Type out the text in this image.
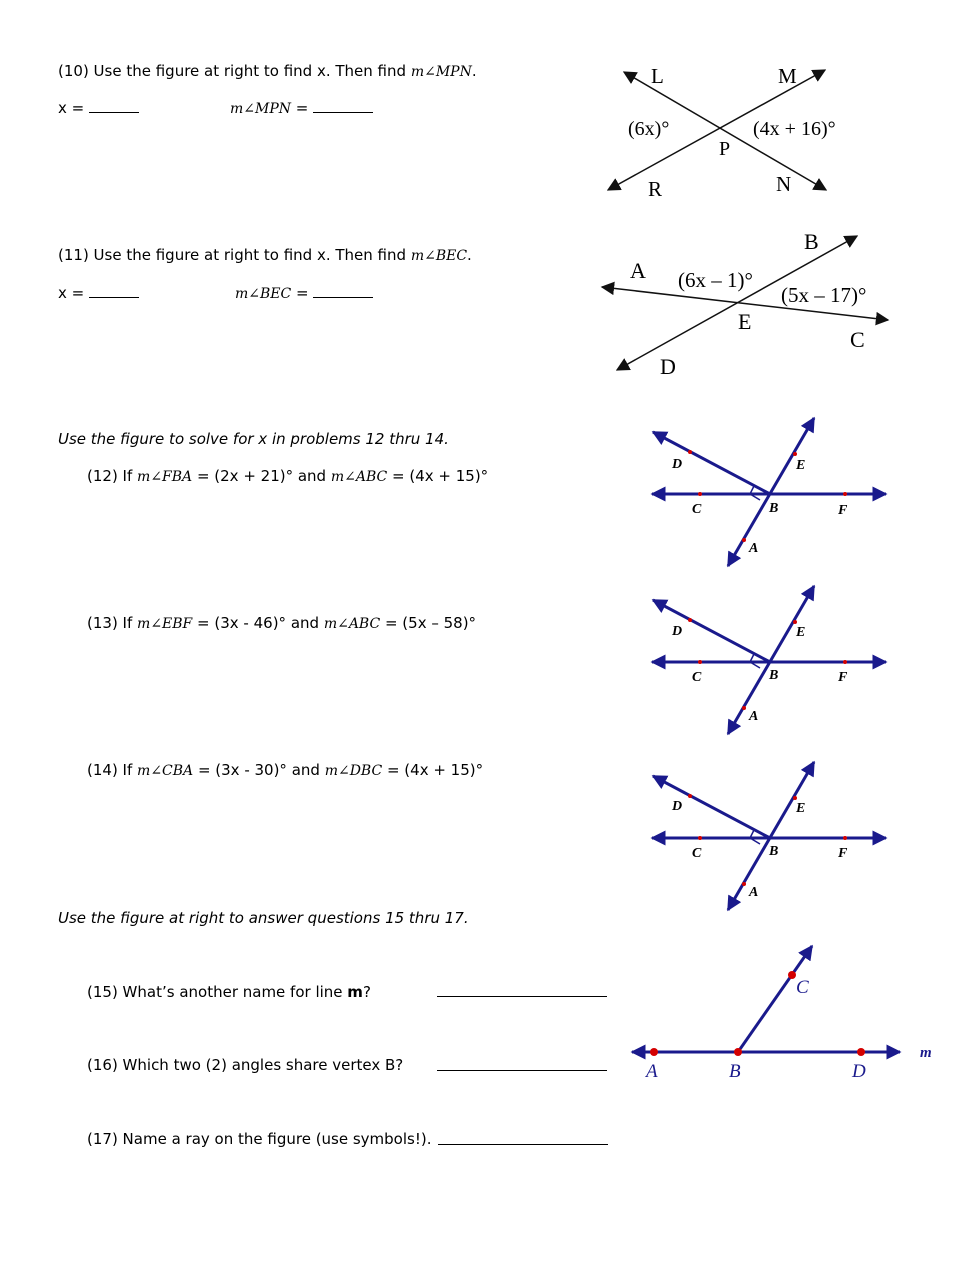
(10) Use the figure at right to find x. Then find m∠MPN.
x =	m∠MPN =
L	M
(6x)°	(4x + 16)°
P
R	N
B
A (6x – 1)°
(5x – 17)°
E
C
D
(11) Use the figure at right to find x. Then find m∠BEC.
x =	m∠BEC =
Use the figure to solve for x in problems 12 thru 14.
(12) If m∠FBA = (2x + 21)° and m∠ABC = (4x + 15)°
(13) If m∠EBF = (3x - 46)° and m∠ABC = (5x – 58)°
(14) If m∠CBA = (3x - 30)° and m∠DBC = (4x + 15)°
D	E
C	B	F
A
D	E
C	B	F
A
D	E
C	B	F
A
A	B	D
C
m
Use the figure at right to answer questions 15 thru 17.
(15) What’s another name for line m?
(16) Which two (2) angles share vertex B?
(17) Name a ray on the figure (use symbols!).
